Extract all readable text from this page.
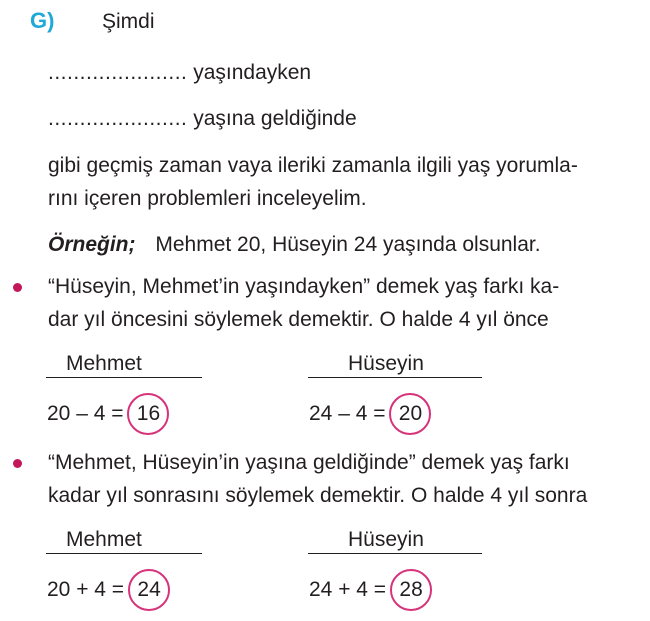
G) Şimdi
...................... yaşındayken
...................... yaşına geldiğinde
gibi geçmiş zaman vaya ileriki zamanla ilgili yaş yorumla-
rını içeren problemleri inceleyelim.
Örneğin; Mehmet 20, Hüseyin 24 yaşında olsunlar.
“Hüseyin, Mehmet’in yaşındayken” demek yaş farkı ka-
dar yıl öncesini söylemek demektir. O halde 4 yıl önce
Mehmet	Hüseyin
20 – 4 = 16	24 – 4 = 20
“Mehmet, Hüseyin’in yaşına geldiğinde” demek yaş farkı
kadar yıl sonrasını söylemek demektir. O halde 4 yıl sonra
Mehmet	Hüseyin
20 + 4 = 24	24 + 4 = 28
